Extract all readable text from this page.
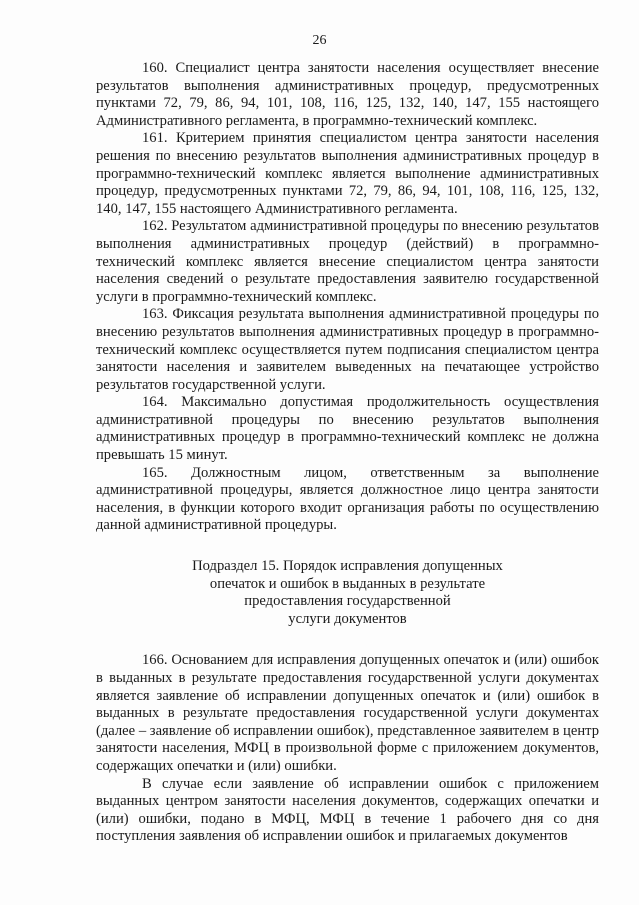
26

160. Специалист центра занятости населения осуществляет внесение результатов выполнения административных процедур, предусмотренных пунктами 72, 79, 86, 94, 101, 108, 116, 125, 132, 140, 147, 155 настоящего Административного регламента, в программно-технический комплекс.

161. Критерием принятия специалистом центра занятости населения решения по внесению результатов выполнения административных процедур в программно-технический комплекс является выполнение административных процедур, предусмотренных пунктами 72, 79, 86, 94, 101, 108, 116, 125, 132, 140, 147, 155 настоящего Административного регламента.

162. Результатом административной процедуры по внесению результатов выполнения административных процедур (действий) в программно-технический комплекс является внесение специалистом центра занятости населения сведений о результате предоставления заявителю государственной услуги в программно-технический комплекс.

163. Фиксация результата выполнения административной процедуры по внесению результатов выполнения административных процедур в программно-технический комплекс осуществляется путем подписания специалистом центра занятости населения и заявителем выведенных на печатающее устройство результатов государственной услуги.

164. Максимально допустимая продолжительность осуществления административной процедуры по внесению результатов выполнения административных процедур в программно-технический комплекс не должна превышать 15 минут.

165. Должностным лицом, ответственным за выполнение административной процедуры, является должностное лицо центра занятости населения, в функции которого входит организация работы по осуществлению данной административной процедуры.

Подраздел 15. Порядок исправления допущенных
опечаток и ошибок в выданных в результате
предоставления государственной
услуги документов

166. Основанием для исправления допущенных опечаток и (или) ошибок в выданных в результате предоставления государственной услуги документах является заявление об исправлении допущенных опечаток и (или) ошибок в выданных в результате предоставления государственной услуги документах (далее – заявление об исправлении ошибок), представленное заявителем в центр занятости населения, МФЦ в произвольной форме с приложением документов, содержащих опечатки и (или) ошибки.

В случае если заявление об исправлении ошибок с приложением выданных центром занятости населения документов, содержащих опечатки и (или) ошибки, подано в МФЦ, МФЦ в течение 1 рабочего дня со дня поступления заявления об исправлении ошибок и прилагаемых документов
